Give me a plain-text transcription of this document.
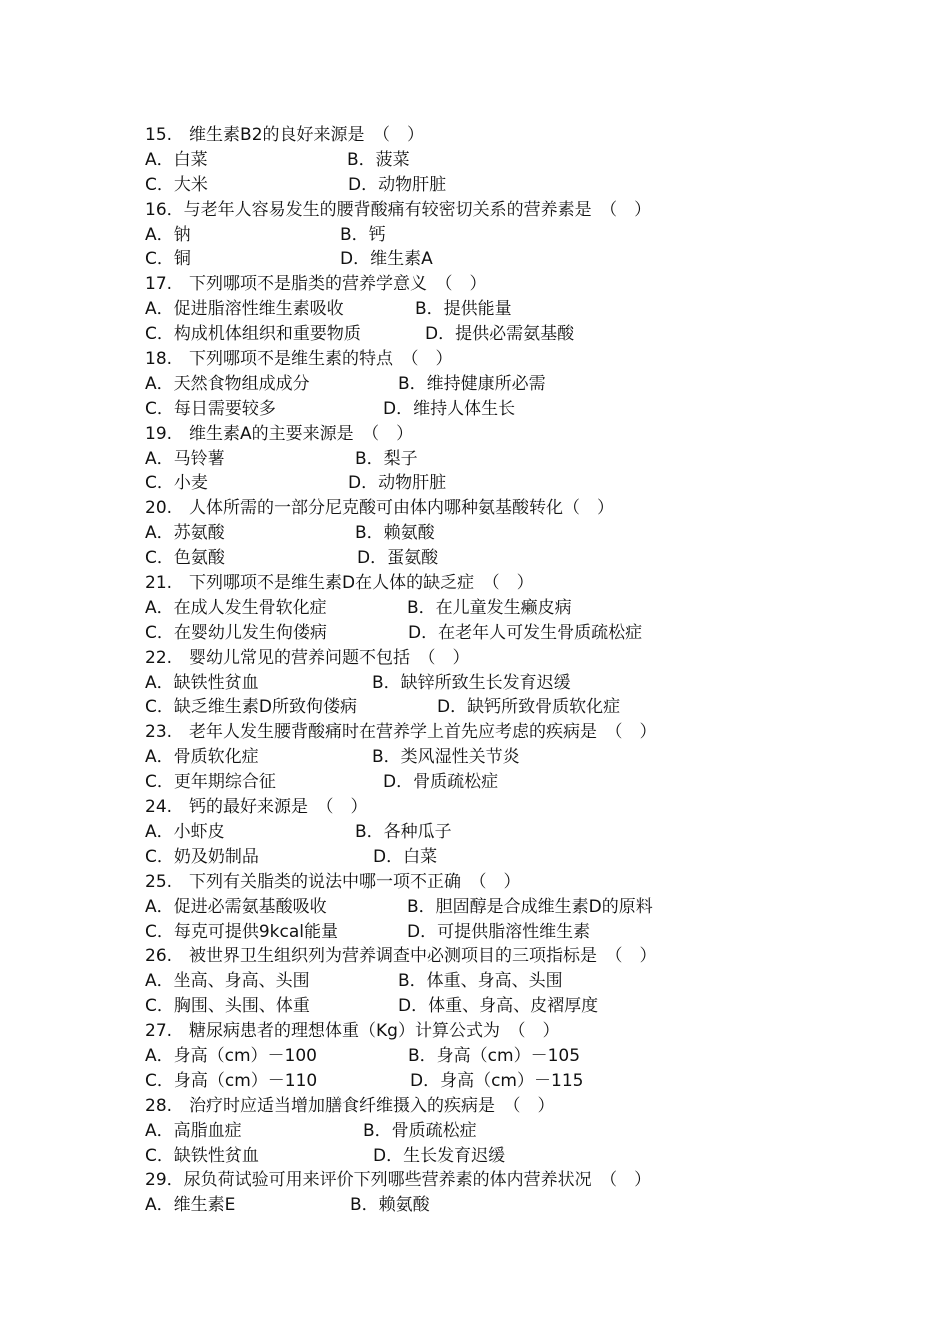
15.　维生素B2的良好来源是　（　）
A．白菜	B．菠菜
C．大米	D．动物肝脏
16．与老年人容易发生的腰背酸痛有较密切关系的营养素是　（　）
A．钠	B．钙
C．铜	D．维生素A
17.　下列哪项不是脂类的营养学意义　（　）
A．促进脂溶性维生素吸收	B．提供能量
C．构成机体组织和重要物质	D．提供必需氨基酸
18.　下列哪项不是维生素的特点　（　）
A．天然食物组成成分	B．维持健康所必需
C．每日需要较多	D．维持人体生长
19.　维生素A的主要来源是　（　）
A．马铃薯	B．梨子
C．小麦	D．动物肝脏
20.　人体所需的一部分尼克酸可由体内哪种氨基酸转化（　）
A．苏氨酸	B．赖氨酸
C．色氨酸	D．蛋氨酸
21.　下列哪项不是维生素D在人体的缺乏症　（　）
A．在成人发生骨软化症	B．在儿童发生癞皮病
C．在婴幼儿发生佝偻病	D．在老年人可发生骨质疏松症
22.　婴幼儿常见的营养问题不包括　（　）
A．缺铁性贫血	B．缺锌所致生长发育迟缓
C．缺乏维生素D所致佝偻病	D．缺钙所致骨质软化症
23.　老年人发生腰背酸痛时在营养学上首先应考虑的疾病是　（　）
A．骨质软化症	B．类风湿性关节炎
C．更年期综合征	D．骨质疏松症
24.　钙的最好来源是　（　）
A．小虾皮	B．各种瓜子
C．奶及奶制品	D．白菜
25.　下列有关脂类的说法中哪一项不正确　（　）
A．促进必需氨基酸吸收	B．胆固醇是合成维生素D的原料
C．每克可提供9kcal能量	D．可提供脂溶性维生素
26.　被世界卫生组织列为营养调查中必测项目的三项指标是　（　）
A．坐高、身高、头围	B．体重、身高、头围
C．胸围、头围、体重	D．体重、身高、皮褶厚度
27.　糖尿病患者的理想体重（Kg）计算公式为　（　）
A．身高（cm）－100	B．身高（cm）－105
C．身高（cm）－110	D．身高（cm）－115
28.　治疗时应适当增加膳食纤维摄入的疾病是　（　）
A．高脂血症	B．骨质疏松症
C．缺铁性贫血	D．生长发育迟缓
29．尿负荷试验可用来评价下列哪些营养素的体内营养状况　（　）
A．维生素E	B．赖氨酸
